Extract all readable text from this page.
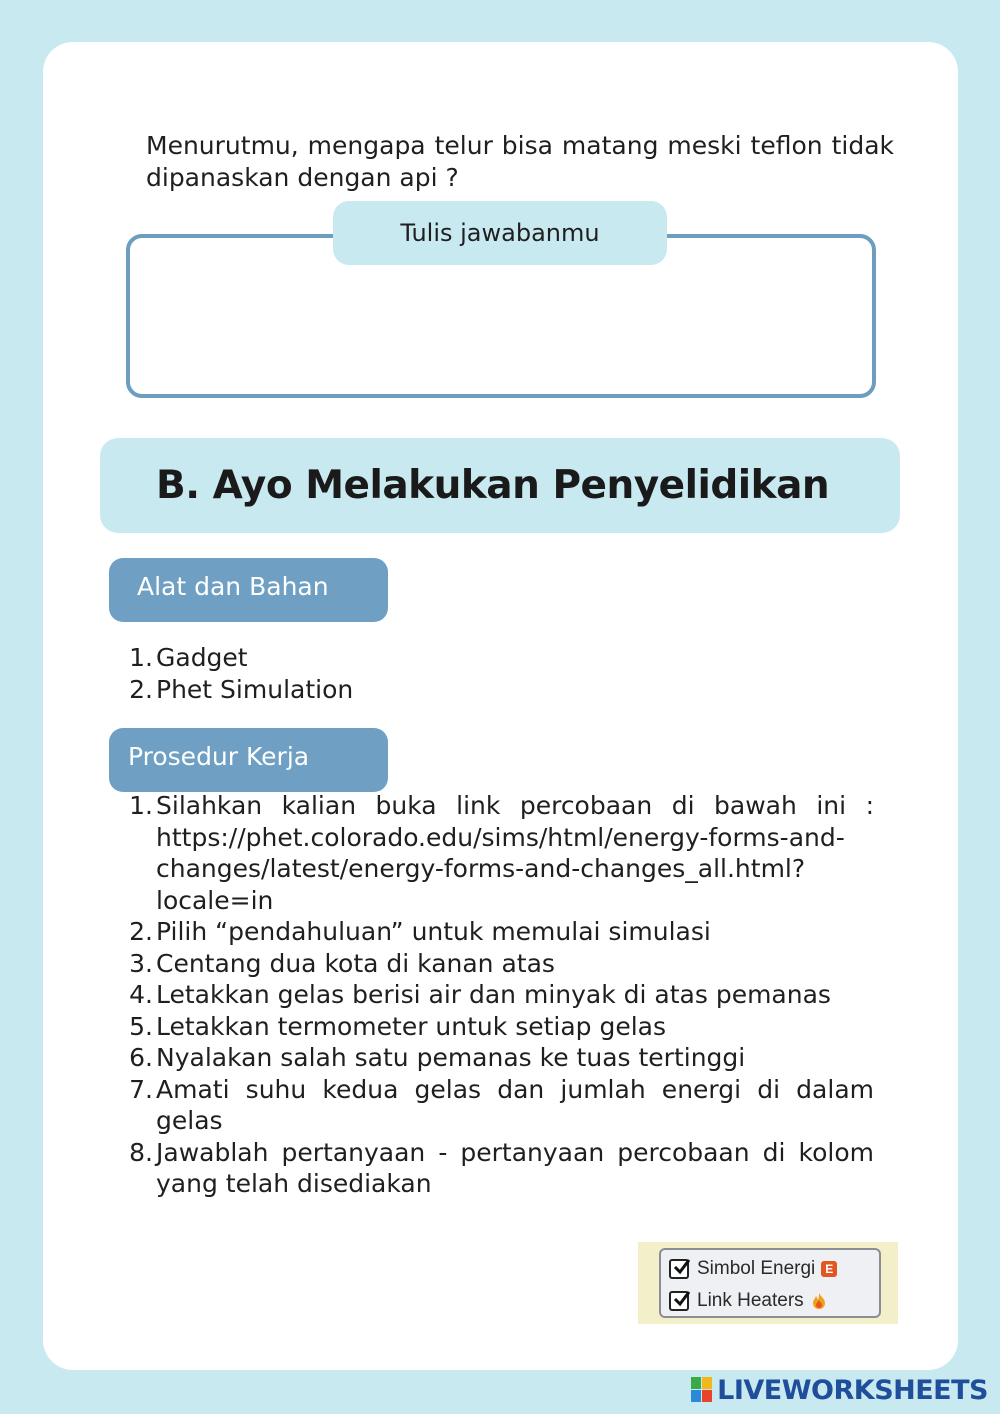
Menurutmu, mengapa telur bisa matang meski teflon tidak dipanaskan dengan api ?

Tulis jawabanmu
B. Ayo Melakukan Penyelidikan
Alat dan Bahan
1. Gadget
2. Phet Simulation
Prosedur Kerja
1. Silahkan kalian buka link percobaan di bawah ini : https://phet.colorado.edu/sims/html/energy-forms-and-changes/latest/energy-forms-and-changes_all.html?locale=in
2. Pilih “pendahuluan” untuk memulai simulasi
3. Centang dua kota di kanan atas
4. Letakkan gelas berisi air dan minyak di atas pemanas
5. Letakkan termometer untuk setiap gelas
6. Nyalakan salah satu pemanas ke tuas tertinggi
7. Amati suhu kedua gelas dan jumlah energi di dalam gelas
8. Jawablah pertanyaan - pertanyaan percobaan di kolom yang telah disediakan
Simbol Energi E
Link Heaters
LIVEWORKSHEETS
